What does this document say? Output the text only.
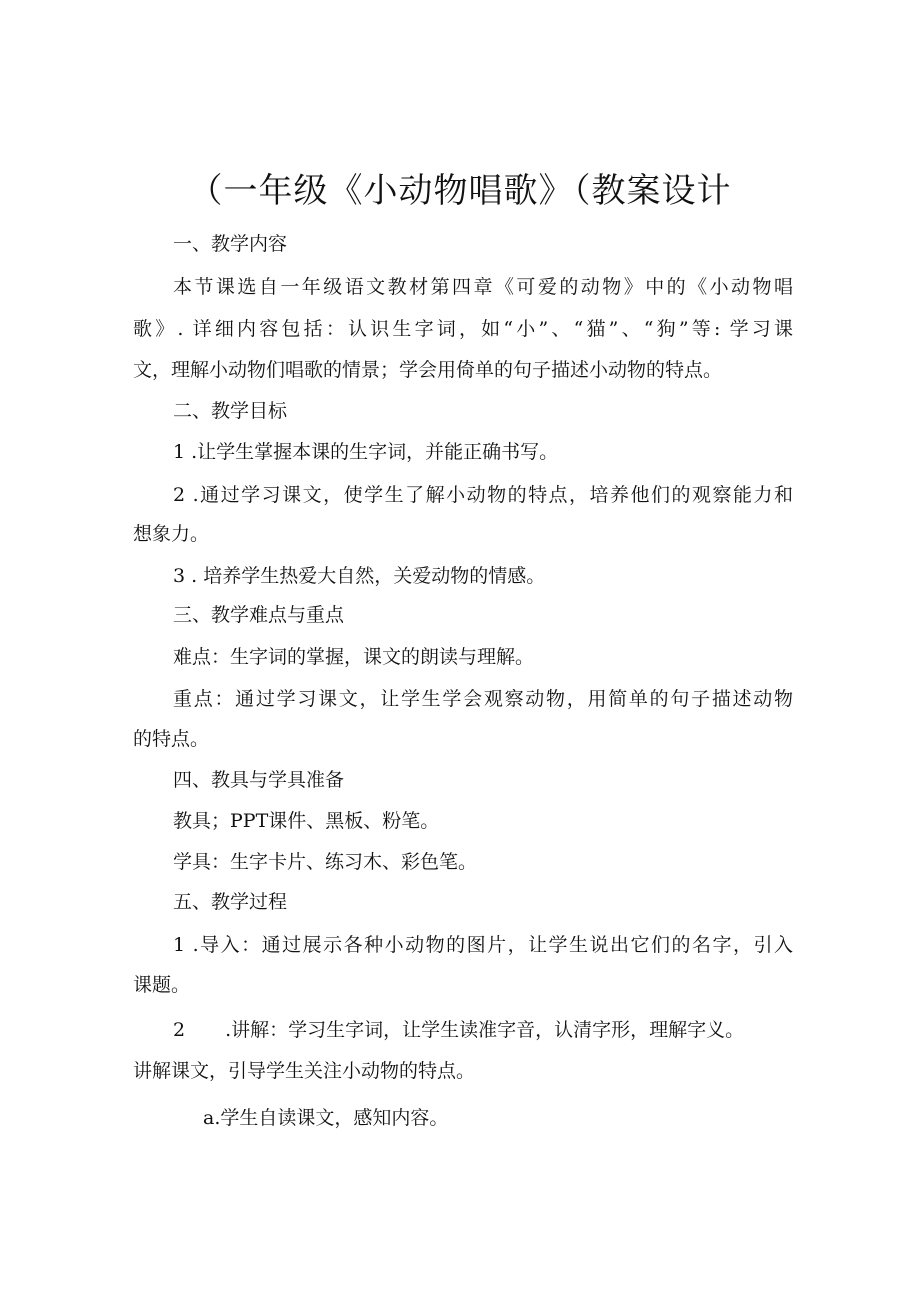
（一年级《小动物唱歌》（教案设计

一、教学内容

本节课选自一年级语文教材第四章《可爱的动物》中的《小动物唱

歌》. 详细内容包括：认识生字词，如“小”、“猫”、“狗”等: 学习课

文，理解小动物们唱歌的情景；学会用倚单的句子描述小动物的特点。

二、教学目标

1 .让学生掌握本课的生字词，并能正确书写。

2 .通过学习课文，使学生了解小动物的特点，培养他们的观察能力和

想象力。

3 . 培养学生热爱大自然，关爱动物的情感。

三、教学难点与重点

难点：生字词的掌握，课文的朗读与理解。

重点：通过学习课文，让学生学会观察动物，用简单的句子描述动物

的特点。

四、教具与学具准备

教具；PPT课件、黑板、粉笔。

学具：生字卡片、练习木、彩色笔。

五、教学过程

1 .导入：通过展示各种小动物的图片，让学生说出它们的名字，引入

课题。

2 .讲解：学习生字词，让学生读准字音，认清字形，理解字义。

讲解课文，引导学生关注小动物的特点。

a.学生自读课文，感知内容。
